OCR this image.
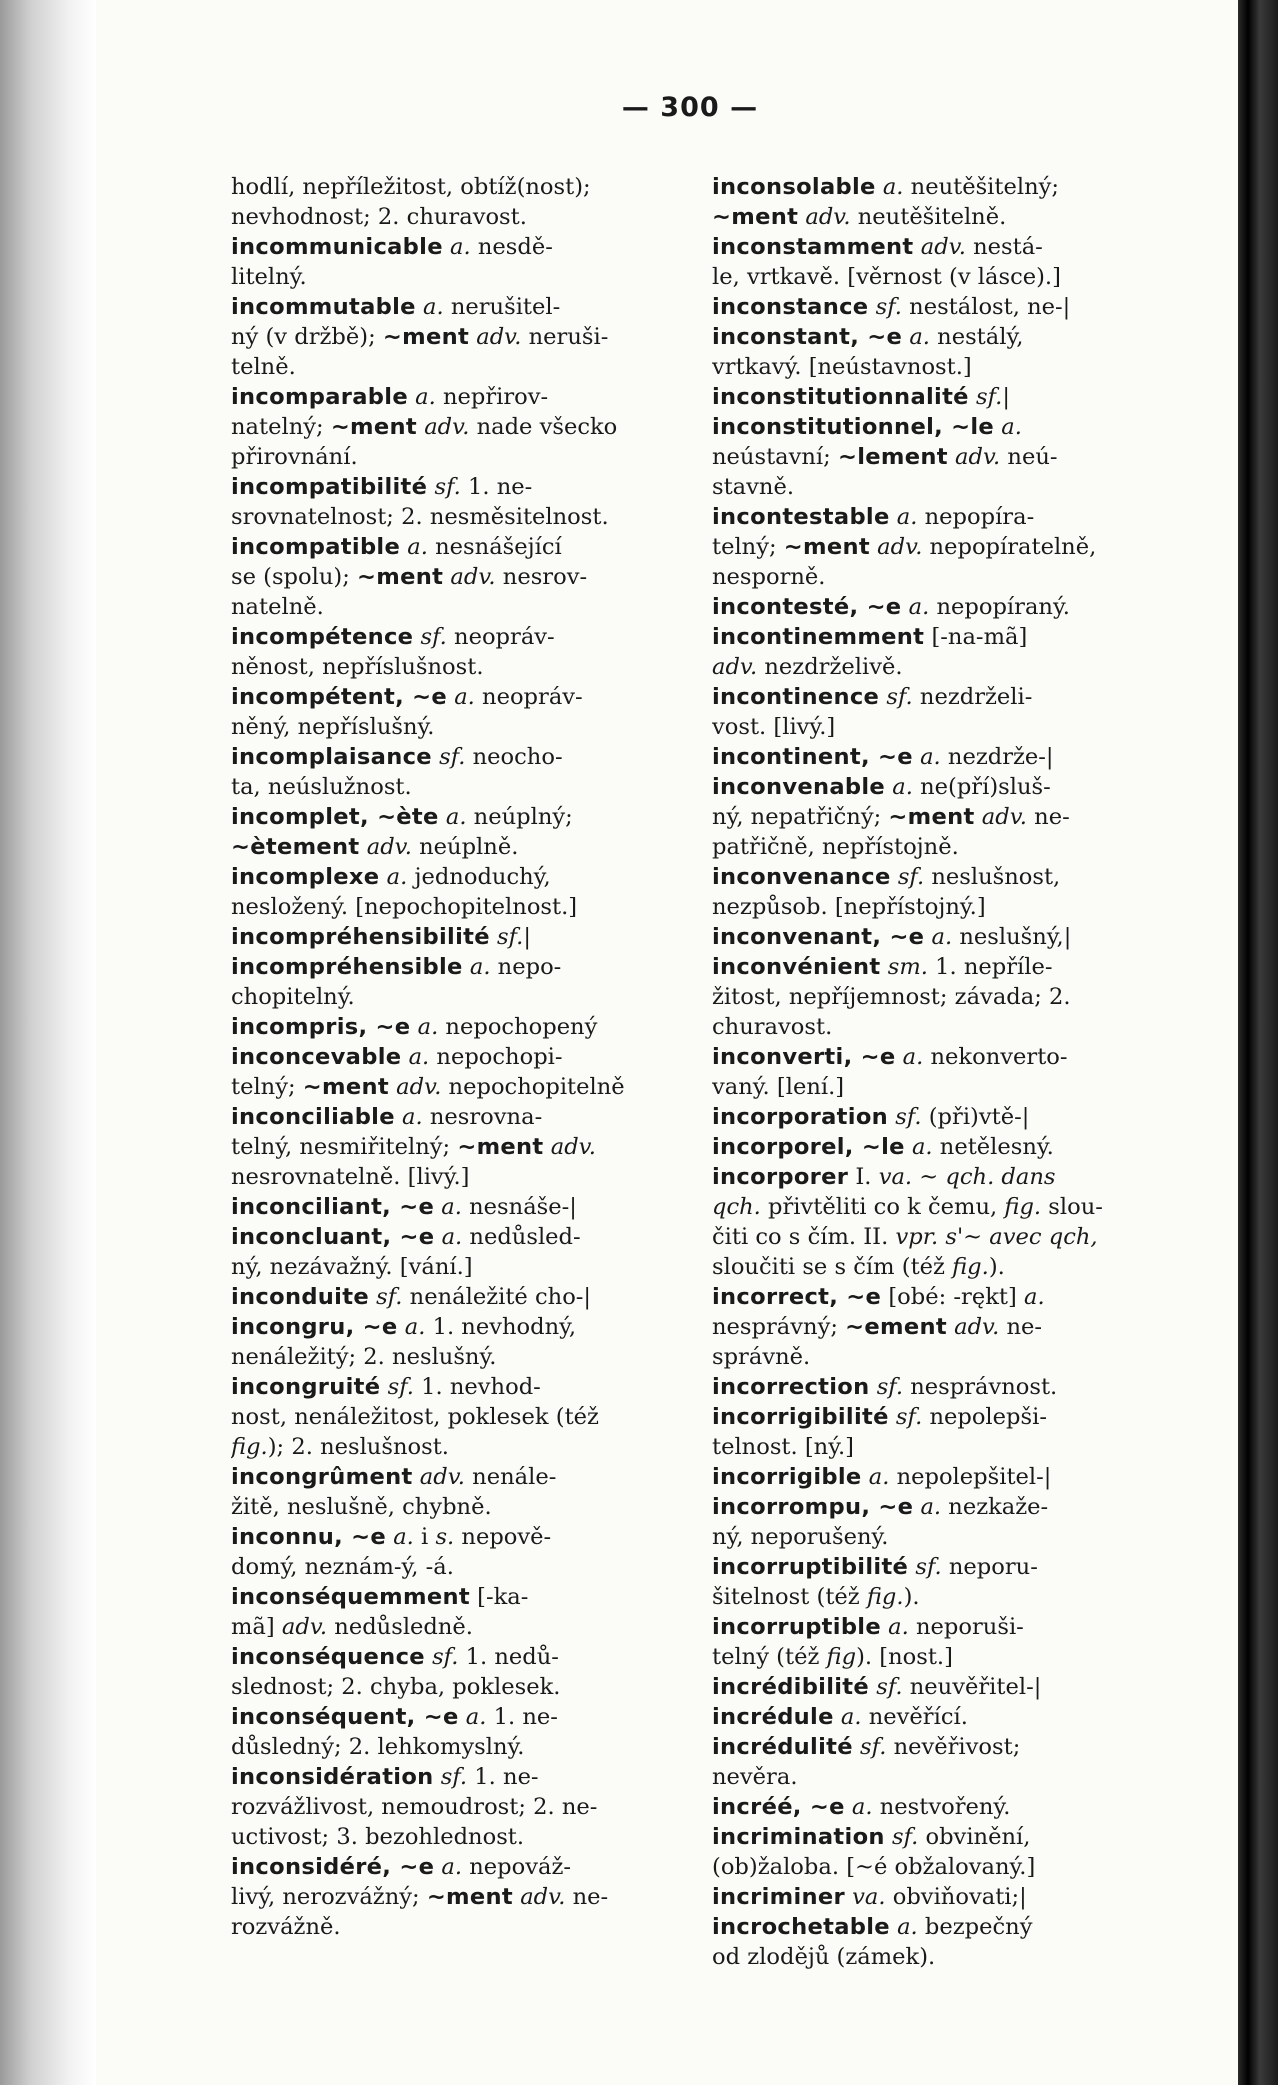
— 300 —
hodlí, nepříležitost, obtíž(nost);
nevhodnost; 2. churavost.
incommunicable a. nesdě-
litelný.
incommutable a. nerušitel-
ný (v držbě); ~ment adv. neruši-
telně.
incomparable a. nepřirov-
natelný; ~ment adv. nade všecko
přirovnání.
incompatibilité sf. 1. ne-
srovnatelnost; 2. nesměsitelnost.
incompatible a. nesnášející
se (spolu); ~ment adv. nesrov-
natelně.
incompétence sf. neopráv-
něnost, nepříslušnost.
incompétent, ~e a. neopráv-
něný, nepříslušný.
incomplaisance sf. neocho-
ta, neúslužnost.
incomplet, ~ète a. neúplný;
~ètement adv. neúplně.
incomplexe a. jednoduchý,
nesložený. [nepochopitelnost.]
incompréhensibilité sf.|
incompréhensible a. nepo-
chopitelný.
incompris, ~e a. nepochopený
inconcevable a. nepochopi-
telný; ~ment adv. nepochopitelně
inconciliable a. nesrovna-
telný, nesmiřitelný; ~ment adv.
nesrovnatelně. [livý.]
inconciliant, ~e a. nesnáše-|
inconcluant, ~e a. nedůsled-
ný, nezávažný. [vání.]
inconduite sf. nenáležité cho-|
incongru, ~e a. 1. nevhodný,
nenáležitý; 2. neslušný.
incongruité sf. 1. nevhod-
nost, nenáležitost, poklesek (též
fig.); 2. neslušnost.
incongrûment adv. nenále-
žitě, neslušně, chybně.
inconnu, ~e a. i s. nepově-
domý, neznám-ý, -á.
inconséquemment [-ka-
mã] adv. nedůsledně.
inconséquence sf. 1. nedů-
slednost; 2. chyba, poklesek.
inconséquent, ~e a. 1. ne-
důsledný; 2. lehkomyslný.
inconsidération sf. 1. ne-
rozvážlivost, nemoudrost; 2. ne-
uctivost; 3. bezohlednost.
inconsidéré, ~e a. nepováž-
livý, nerozvážný; ~ment adv. ne-
rozvážně.
inconsolable a. neutěšitelný;
~ment adv. neutěšitelně.
inconstamment adv. nestá-
le, vrtkavě. [věrnost (v lásce).]
inconstance sf. nestálost, ne-|
inconstant, ~e a. nestálý,
vrtkavý. [neústavnost.]
inconstitutionnalité sf.|
inconstitutionnel, ~le a.
neústavní; ~lement adv. neú-
stavně.
incontestable a. nepopíra-
telný; ~ment adv. nepopíratelně,
nesporně.
incontesté, ~e a. nepopíraný.
incontinemment [-na-mã]
adv. nezdrželivě.
incontinence sf. nezdrželi-
vost. [livý.]
incontinent, ~e a. nezdrže-|
inconvenable a. ne(pří)sluš-
ný, nepatřičný; ~ment adv. ne-
patřičně, nepřístojně.
inconvenance sf. neslušnost,
nezpůsob. [nepřístojný.]
inconvenant, ~e a. neslušný,|
inconvénient sm. 1. nepříle-
žitost, nepříjemnost; závada; 2.
churavost.
inconverti, ~e a. nekonverto-
vaný. [lení.]
incorporation sf. (při)vtě-|
incorporel, ~le a. netělesný.
incorporer I. va. ~ qch. dans
qch. přivtěliti co k čemu, fig. slou-
čiti co s čím. II. vpr. s'~ avec qch,
sloučiti se s čím (též fig.).
incorrect, ~e [obé: -rękt] a.
nesprávný; ~ement adv. ne-
správně.
incorrection sf. nesprávnost.
incorrigibilité sf. nepolepši-
telnost. [ný.]
incorrigible a. nepolepšitel-|
incorrompu, ~e a. nezkaže-
ný, neporušený.
incorruptibilité sf. neporu-
šitelnost (též fig.).
incorruptible a. neporuši-
telný (též fig). [nost.]
incrédibilité sf. neuvěřitel-|
incrédule a. nevěřící.
incrédulité sf. nevěřivost;
nevěra.
incréé, ~e a. nestvořený.
incrimination sf. obvinění,
(ob)žaloba. [~é obžalovaný.]
incriminer va. obviňovati;|
incrochetable a. bezpečný
od zlodějů (zámek).
